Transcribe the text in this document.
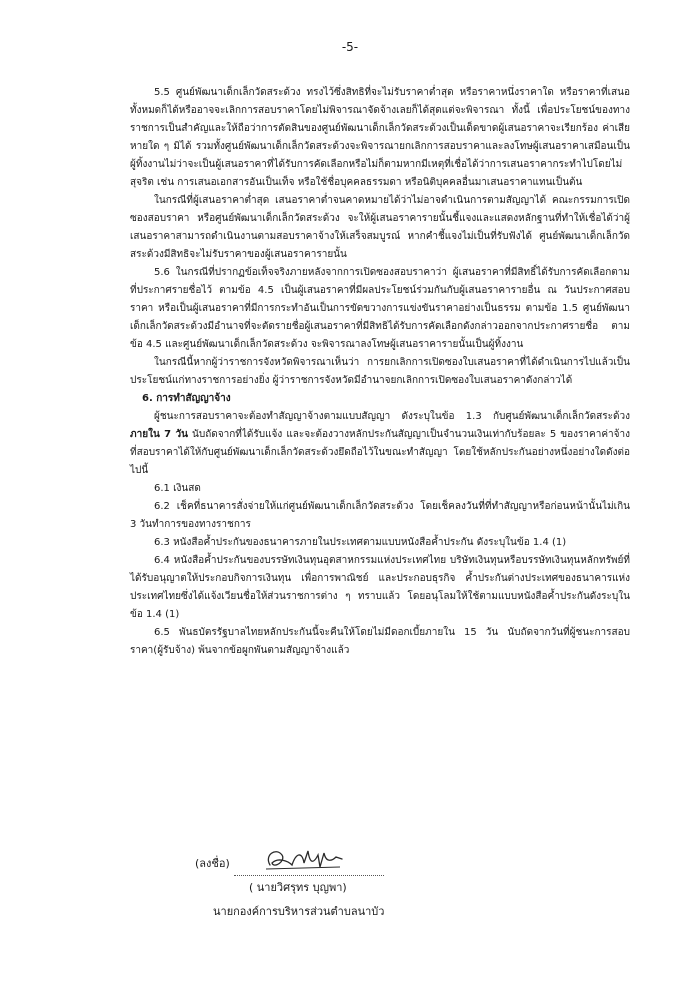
-5-

5.5 ศูนย์พัฒนาเด็กเล็กวัดสระด้วง ทรงไว้ซึ่งสิทธิที่จะไม่รับราคาต่ำสุด หรือราคาหนึ่งราคาใด หรือราคาที่เสนอทั้งหมดก็ได้หรืออาจจะเลิกการสอบราคาโดยไม่พิจารณาจัดจ้างเลยก็ได้สุดแต่จะพิจารณา ทั้งนี้ เพื่อประโยชน์ของทางราชการเป็นสำคัญและให้ถือว่าการตัดสินของศูนย์พัฒนาเด็กเล็กวัดสระด้วงเป็นเด็ดขาดผู้เสนอราคาจะเรียกร้อง ค่าเสียหายใด ๆ มิได้ รวมทั้งศูนย์พัฒนาเด็กเล็กวัดสระด้วงจะพิจารณายกเลิกการสอบราคาและลงโทษผู้เสนอราคาเสมือนเป็นผู้ทิ้งงานไม่ว่าจะเป็นผู้เสนอราคาที่ได้รับการคัดเลือกหรือไม่ก็ตามหากมีเหตุที่เชื่อได้ว่าการเสนอราคากระทำไปโดยไม่สุจริต เช่น การเสนอเอกสารอันเป็นเท็จ หรือใช้ชื่อบุคคลธรรมดา หรือนิติบุคคลอื่นมาเสนอราคาแทนเป็นต้น

ในกรณีที่ผู้เสนอราคาต่ำสุด เสนอราคาต่ำจนคาดหมายได้ว่าไม่อาจดำเนินการตามสัญญาได้ คณะกรรมการเปิดซองสอบราคา หรือศูนย์พัฒนาเด็กเล็กวัดสระด้วง จะให้ผู้เสนอราคารายนั้นชี้แจงและแสดงหลักฐานที่ทำให้เชื่อได้ว่าผู้เสนอราคาสามารถดำเนินงานตามสอบราคาจ้างให้เสร็จสมบูรณ์ หากคำชี้แจงไม่เป็นที่รับฟังได้ ศูนย์พัฒนาเด็กเล็กวัดสระด้วงมีสิทธิจะไม่รับราคาของผู้เสนอราคารายนั้น

5.6 ในกรณีที่ปรากฏข้อเท็จจริงภายหลังจากการเปิดซองสอบราคาว่า ผู้เสนอราคาที่มีสิทธิ์ได้รับการคัดเลือกตามที่ประกาศรายชื่อไว้ ตามข้อ 4.5 เป็นผู้เสนอราคาที่มีผลประโยชน์ร่วมกันกับผู้เสนอราคารายอื่น ณ วันประกาศสอบราคา หรือเป็นผู้เสนอราคาที่มีการกระทำอันเป็นการขัดขวางการแข่งขันราคาอย่างเป็นธรรม ตามข้อ 1.5 ศูนย์พัฒนาเด็กเล็กวัดสระด้วงมีอำนาจที่จะตัดรายชื่อผู้เสนอราคาที่มีสิทธิได้รับการคัดเลือกดังกล่าวออกจากประกาศรายชื่อ ตามข้อ 4.5 และศูนย์พัฒนาเด็กเล็กวัดสระด้วง จะพิจารณาลงโทษผู้เสนอราคารายนั้นเป็นผู้ทิ้งงาน

ในกรณีนี้หากผู้ว่าราชการจังหวัดพิจารณาเห็นว่า การยกเลิกการเปิดซองใบเสนอราคาที่ได้ดำเนินการไปแล้วเป็นประโยชน์แก่ทางราชการอย่างยิ่ง ผู้ว่าราชการจังหวัดมีอำนาจยกเลิกการเปิดซองใบเสนอราคาดังกล่าวได้

6. การทำสัญญาจ้าง

ผู้ชนะการสอบราคาจะต้องทำสัญญาจ้างตามแบบสัญญา ดังระบุในข้อ 1.3 กับศูนย์พัฒนาเด็กเล็กวัดสระด้วงภายใน 7 วัน นับถัดจากที่ได้รับแจ้ง และจะต้องวางหลักประกันสัญญาเป็นจำนวนเงินเท่ากับร้อยละ 5 ของราคาค่าจ้างที่สอบราคาได้ให้กับศูนย์พัฒนาเด็กเล็กวัดสระด้วงยึดถือไว้ในขณะทำสัญญา โดยใช้หลักประกันอย่างหนึ่งอย่างใดดังต่อไปนี้

6.1 เงินสด

6.2 เช็คที่ธนาคารสั่งจ่ายให้แก่ศูนย์พัฒนาเด็กเล็กวัดสระด้วง โดยเช็คลงวันที่ที่ทำสัญญาหรือก่อนหน้านั้นไม่เกิน 3 วันทำการของทางราชการ

6.3 หนังสือค้ำประกันของธนาคารภายในประเทศตามแบบหนังสือค้ำประกัน ดังระบุในข้อ 1.4 (1)

6.4 หนังสือค้ำประกันของบรรษัทเงินทุนอุตสาหกรรมแห่งประเทศไทย บริษัทเงินทุนหรือบรรษัทเงินทุนหลักทรัพย์ที่ได้รับอนุญาตให้ประกอบกิจการเงินทุน เพื่อการพาณิชย์ และประกอบธุรกิจ ค้ำประกันต่างประเทศของธนาคารแห่งประเทศไทยซึ่งได้แจ้งเวียนชื่อให้ส่วนราชการต่าง ๆ ทราบแล้ว โดยอนุโลมให้ใช้ตามแบบหนังสือค้ำประกันดังระบุในข้อ 1.4 (1)

6.5 พันธบัตรรัฐบาลไทยหลักประกันนี้จะคืนให้โดยไม่มีดอกเบี้ยภายใน 15 วัน นับถัดจากวันที่ผู้ชนะการสอบราคา(ผู้รับจ้าง) พ้นจากข้อผูกพันตามสัญญาจ้างแล้ว

(ลงชื่อ)
( นายวิศรุทร บุญพา)
นายกองค์การบริหารส่วนตำบลนาบัว
